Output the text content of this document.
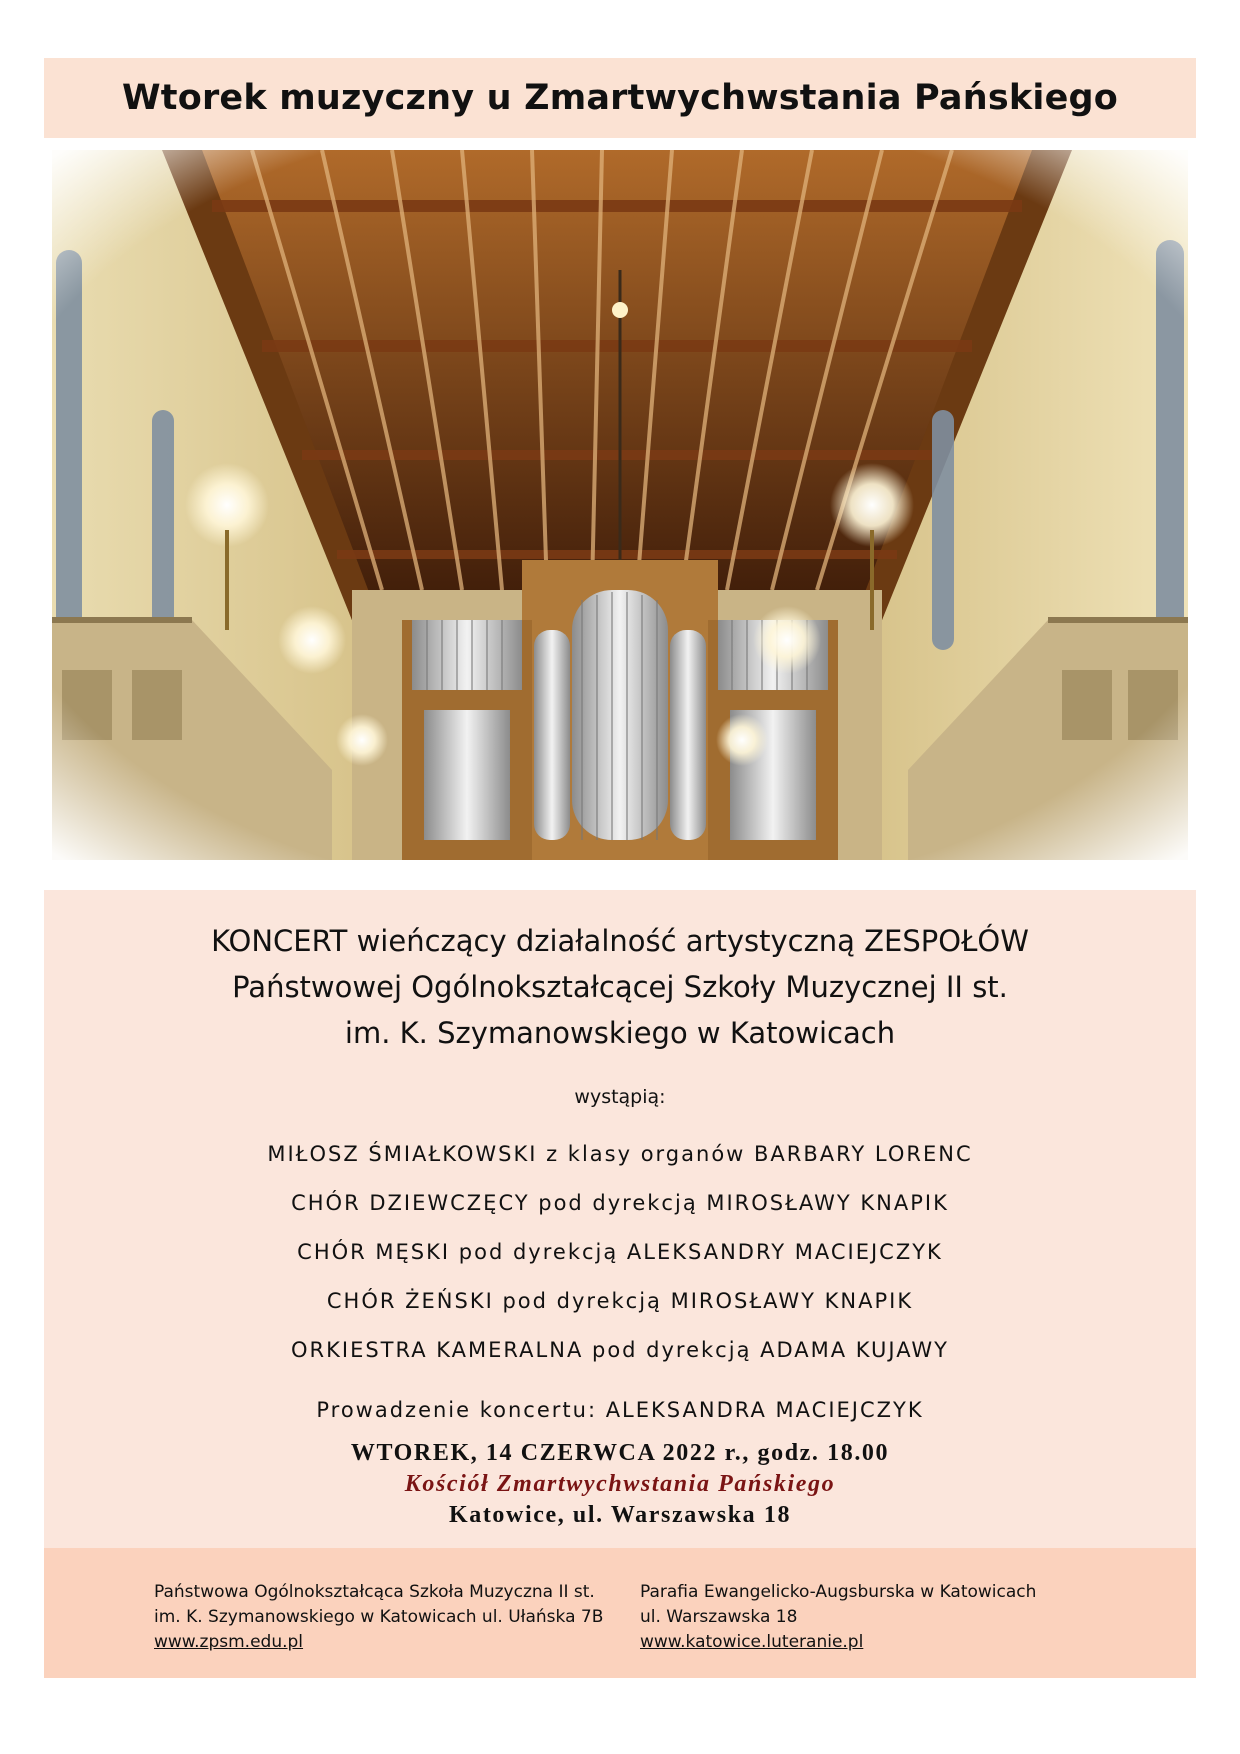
Wtorek muzyczny u Zmartwychwstania Pańskiego
KONCERT wieńczący działalność artystyczną ZESPOŁÓW
Państwowej Ogólnokształcącej Szkoły Muzycznej II st.
im. K. Szymanowskiego w Katowicach
wystąpią:
MIŁOSZ ŚMIAŁKOWSKI z klasy organów BARBARY LORENC
CHÓR DZIEWCZĘCY pod dyrekcją MIROSŁAWY KNAPIK
CHÓR MĘSKI pod dyrekcją ALEKSANDRY MACIEJCZYK
CHÓR ŻEŃSKI pod dyrekcją MIROSŁAWY KNAPIK
ORKIESTRA KAMERALNA pod dyrekcją ADAMA KUJAWY
Prowadzenie koncertu: ALEKSANDRA MACIEJCZYK
WTOREK, 14 CZERWCA 2022 r., godz. 18.00
Kościół Zmartwychwstania Pańskiego
Katowice, ul. Warszawska 18
Państwowa Ogólnokształcąca Szkoła Muzyczna II st.
im. K. Szymanowskiego w Katowicach ul. Ułańska 7B
www.zpsm.edu.pl
Parafia Ewangelicko-Augsburska w Katowicach
ul. Warszawska 18
www.katowice.luteranie.pl
